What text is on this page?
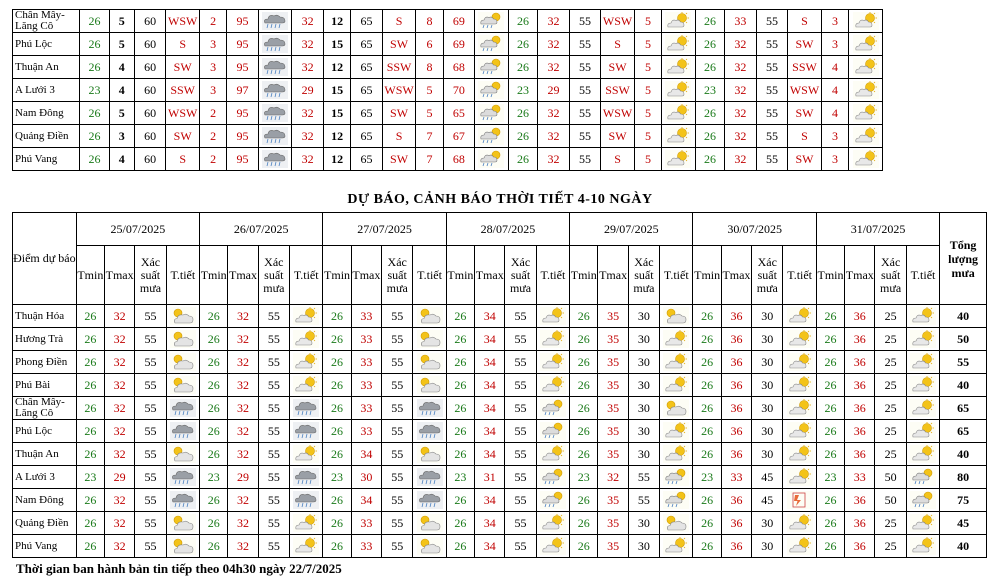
Chân Mây-Lăng Cô	26	5	60	WSW	2	95		32	12	65	S	8	69		26	32	55	WSW	5		26	33	55	S	3	

Phú Lộc	26	5	60	S	3	95		32	15	65	SW	6	69		26	32	55	S	5		26	32	55	SW	3	

Thuận An	26	4	60	SW	3	95		32	12	65	SSW	8	68		26	32	55	SW	5		26	32	55	SSW	4	

A Lưới 3	23	4	60	SSW	3	97		29	15	65	WSW	5	70		23	29	55	SSW	5		23	32	55	WSW	4	

Nam Đông	26	5	60	WSW	2	95		32	15	65	SW	5	65		26	32	55	WSW	5		26	32	55	SW	4	

Quảng Điền	26	3	60	SW	2	95		32	12	65	S	7	67		26	32	55	SW	5		26	32	55	S	3	

Phú Vang	26	4	60	S	2	95		32	12	65	SW	7	68		26	32	55	S	5		26	32	55	SW	3	
DỰ BÁO, CẢNH BÁO THỜI TIẾT 4-10 NGÀY
Điểm dự báo	25/07/2025				26/07/2025				27/07/2025				28/07/2025				29/07/2025				30/07/2025				31/07/2025				Tổng lượng mưa
	Tmin	Tmax	Xác suất mưa	T.tiết	Tmin	Tmax	Xác suất mưa	T.tiết	Tmin	Tmax	Xác suất mưa	T.tiết	Tmin	Tmax	Xác suất mưa	T.tiết	Tmin	Tmax	Xác suất mưa	T.tiết	Tmin	Tmax	Xác suất mưa	T.tiết	Tmin	Tmax	Xác suất mưa	T.tiết	
Thuận Hóa	26	32	55		26	32	55		26	33	55		26	34	55		26	35	30		26	36	30		26	36	25		40
Hương Trà	26	32	55		26	32	55		26	33	55		26	34	55		26	35	30		26	36	30		26	36	25		50
Phong Điền	26	32	55		26	32	55		26	33	55		26	34	55		26	35	30		26	36	30		26	36	25		55
Phú Bài	26	32	55		26	32	55		26	33	55		26	34	55		26	35	30		26	36	30		26	36	25		40
Chân Mây-Lăng Cô	26	32	55		26	32	55		26	33	55		26	34	55		26	35	30		26	36	30		26	36	25		65
Phú Lộc	26	32	55		26	32	55		26	33	55		26	34	55		26	35	30		26	36	30		26	36	25		65
Thuận An	26	32	55		26	32	55		26	34	55		26	34	55		26	35	30		26	36	30		26	36	25		40
A Lưới 3	23	29	55		23	29	55		23	30	55		23	31	55		23	32	55		23	33	45		23	33	50		80
Nam Đông	26	32	55		26	32	55		26	34	55		26	34	55		26	35	55		26	36	45		26	36	50		75
Quảng Điền	26	32	55		26	32	55		26	33	55		26	34	55		26	35	30		26	36	30		26	36	25		45
Phú Vang	26	32	55		26	32	55		26	33	55		26	34	55		26	35	30		26	36	30		26	36	25		40
Thời gian ban hành bản tin tiếp theo 04h30 ngày 22/7/2025
